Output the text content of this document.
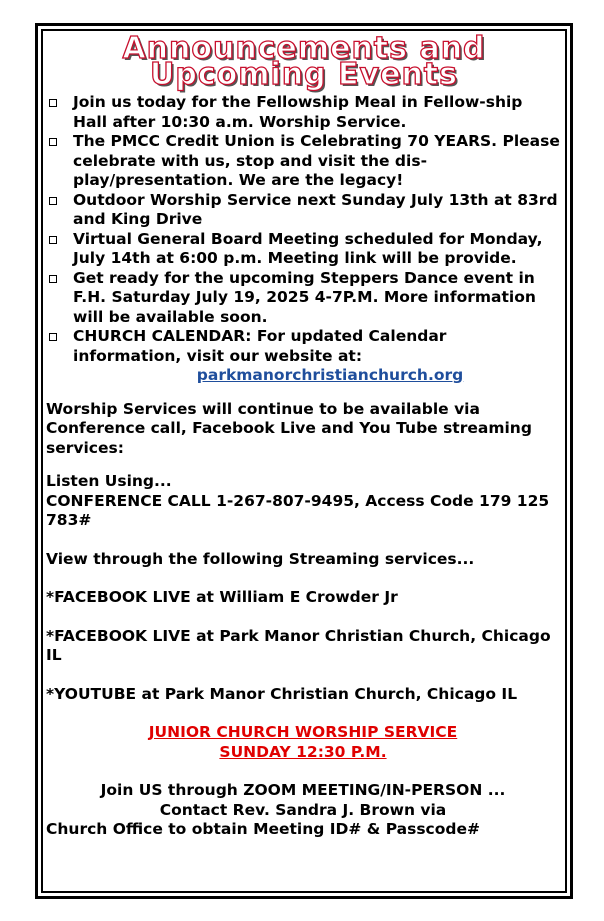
Announcements and
Upcoming Events
Join us today for the Fellowship Meal in Fellow-ship Hall after 10:30 a.m. Worship Service.
The PMCC Credit Union is Celebrating 70 YEARS. Please celebrate with us, stop and visit the dis-play/presentation. We are the legacy!
Outdoor Worship Service next Sunday July 13th at 83rd and King Drive
Virtual General Board Meeting scheduled for Monday, July 14th at 6:00 p.m. Meeting link will be provide.
Get ready for the upcoming Steppers Dance event in F.H. Saturday July 19, 2025 4-7P.M. More information will be available soon.
CHURCH CALENDAR: For updated Calendar information, visit our website at:
parkmanorchristianchurch.org

Worship Services will continue to be available via Conference call, Facebook Live and You Tube streaming services:

Listen Using...

CONFERENCE CALL 1-267-807-9495, Access Code 179 125 783#

View through the following Streaming services...

*FACEBOOK LIVE at William E Crowder Jr

*FACEBOOK LIVE at Park Manor Christian Church, Chicago IL

*YOUTUBE at Park Manor Christian Church, Chicago IL

JUNIOR CHURCH WORSHIP SERVICE

SUNDAY 12:30 P.M.

Join US through ZOOM MEETING/IN-PERSON ...

Contact Rev. Sandra J. Brown via

Church Office to obtain Meeting ID# & Passcode#
